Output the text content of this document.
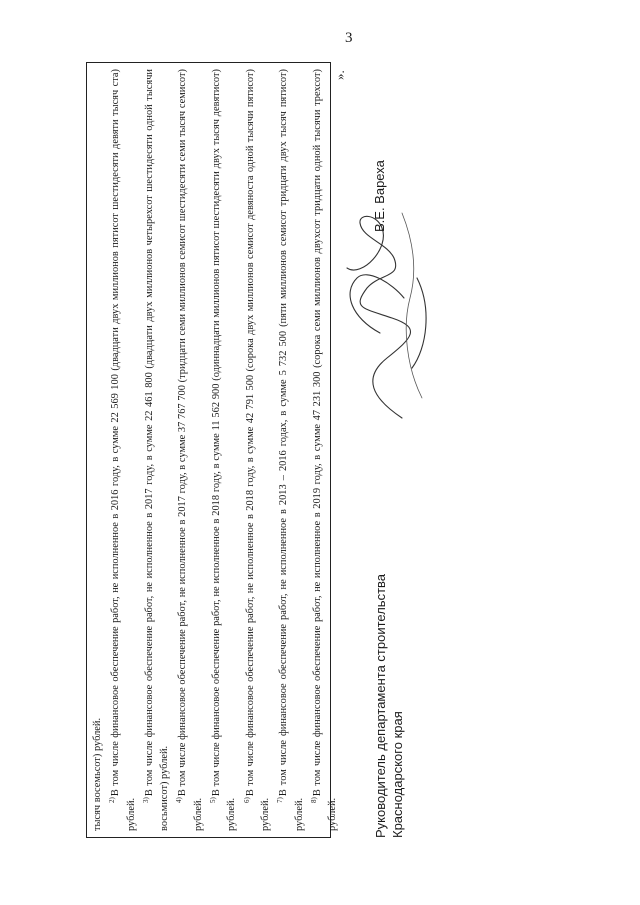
3

тысяч восемьсот) рублей. $^{2)}$В том числе финансовое обеспечение работ, не исполненное в 2016 году, в сумме 22 569 100 (двадцати двух миллионов пятисот шестидесяти девяти тысяч ста) рублей. $^{3)}$В том числе финансовое обеспечение работ, не исполненное в 2017 году, в сумме 22 461 800 (двадцати двух миллионов четырехсот шестидесяти одной тысячи восьмисот) рублей. $^{4)}$В том числе финансовое обеспечение работ, не исполненное в 2017 году, в сумме 37 767 700 (тридцати семи миллионов семисот шестидесяти семи тысяч семисот) рублей. $^{5)}$В том числе финансовое обеспечение работ, не исполненное в 2018 году, в сумме 11 562 900 (одиннадцати миллионов пятисот шестидесяти двух тысяч девятисот) рублей. $^{6)}$В том числе финансовое обеспечение работ, не исполненное в 2018 году, в сумме 42 791 500 (сорока двух миллионов семисот девяноста одной тысячи пятисот) рублей. $^{7)}$В том числе финансовое обеспечение работ, не исполненное в 2013 – 2016 годах, в сумме 5 732 500 (пяти миллионов семисот тридцати двух тысяч пятисот) рублей. $^{8)}$В том числе финансовое обеспечение работ, не исполненное в 2019 году, в сумме 47 231 300 (сорока семи миллионов двухсот тридцати одной тысячи трехсот) рублей.

».

Руководитель департамента строительства Краснодарского края

В.Е. Вареха
